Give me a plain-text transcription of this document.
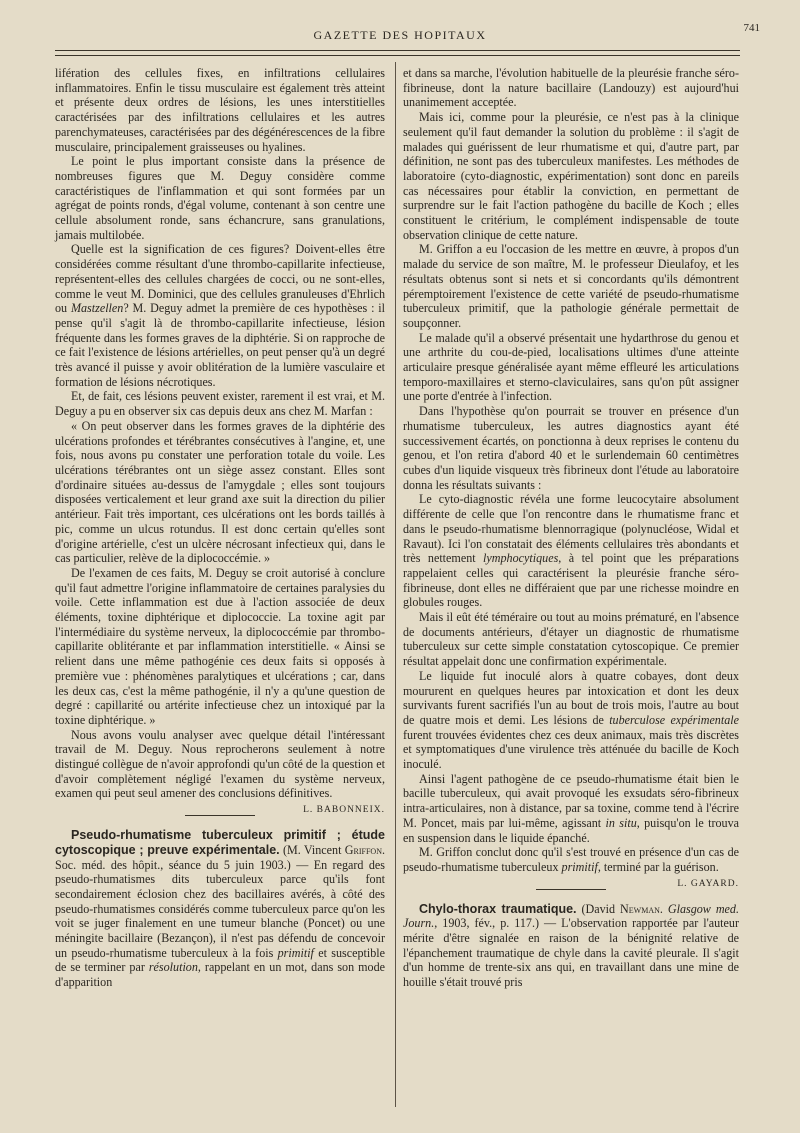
GAZETTE DES HOPITAUX	741

lifération des cellules fixes, en infiltrations cellulaires inflammatoires. Enfin le tissu musculaire est également très atteint et présente deux ordres de lésions, les unes interstitielles caractérisées par des infiltrations cellulaires et les autres parenchymateuses, caractérisées par des dégénérescences de la fibre musculaire, principalement graisseuses ou hyalines.

Le point le plus important consiste dans la présence de nombreuses figures que M. Deguy considère comme caractéristiques de l'inflammation et qui sont formées par un agrégat de points ronds, d'égal volume, contenant à son centre une cellule absolument ronde, sans échancrure, sans granulations, jamais multilobée.

Quelle est la signification de ces figures? Doivent-elles être considérées comme résultant d'une thrombo-capillarite infectieuse, représentent-elles des cellules chargées de cocci, ou ne sont-elles, comme le veut M. Dominici, que des cellules granuleuses d'Ehrlich ou Mastzellen? M. Deguy admet la première de ces hypothèses : il pense qu'il s'agit là de thrombo-capillarite infectieuse, lésion fréquente dans les formes graves de la diphtérie. Si on rapproche de ce fait l'existence de lésions artérielles, on peut penser qu'à un degré très avancé il puisse y avoir oblitération de la lumière vasculaire et formation de lésions nécrotiques.

Et, de fait, ces lésions peuvent exister, rarement il est vrai, et M. Deguy a pu en observer six cas depuis deux ans chez M. Marfan :

« On peut observer dans les formes graves de la diphtérie des ulcérations profondes et térébrantes consécutives à l'angine, et, une fois, nous avons pu constater une perforation totale du voile. Les ulcérations térébrantes ont un siège assez constant. Elles sont d'ordinaire situées au-dessus de l'amygdale ; elles sont toujours disposées verticalement et leur grand axe suit la direction du pilier antérieur. Fait très important, ces ulcérations ont les bords taillés à pic, comme un ulcus rotundus. Il est donc certain qu'elles sont d'origine artérielle, c'est un ulcère nécrosant infectieux qui, dans le cas particulier, relève de la diplococcémie. »

De l'examen de ces faits, M. Deguy se croit autorisé à conclure qu'il faut admettre l'origine inflammatoire de certaines paralysies du voile. Cette inflammation est due à l'action associée de deux éléments, toxine diphtérique et diplococcie. La toxine agit par l'intermédiaire du système nerveux, la diplococcémie par thrombo-capillarite oblitérante et par inflammation interstitielle. « Ainsi se relient dans une même pathogénie ces deux faits si opposés à première vue : phénomènes paralytiques et ulcérations ; car, dans les deux cas, c'est la même pathogénie, il n'y a qu'une question de degré : capillarité ou artérite infectieuse chez un intoxiqué par la toxine diphtérique. »

Nous avons voulu analyser avec quelque détail l'intéressant travail de M. Deguy. Nous reprocherons seulement à notre distingué collègue de n'avoir approfondi qu'un côté de la question et d'avoir complètement négligé l'examen du système nerveux, examen qui peut seul amener des conclusions définitives.
L. BABONNEIX.

Pseudo-rhumatisme tuberculeux primitif ; étude cytoscopique ; preuve expérimentale. (M. Vincent Griffon. Soc. méd. des hôpit., séance du 5 juin 1903.) — En regard des pseudo-rhumatismes dits tuberculeux parce qu'ils font secondairement éclosion chez des bacillaires avérés, à côté des pseudo-rhumatismes considérés comme tuberculeux parce qu'on les voit se juger finalement en une tumeur blanche (Poncet) ou une méningite bacillaire (Bezançon), il n'est pas défendu de concevoir un pseudo-rhumatisme tuberculeux à la fois primitif et susceptible de se terminer par résolution, rappelant en un mot, dans son mode d'apparition

et dans sa marche, l'évolution habituelle de la pleurésie franche séro-fibrineuse, dont la nature bacillaire (Landouzy) est aujourd'hui unanimement acceptée.

Mais ici, comme pour la pleurésie, ce n'est pas à la clinique seulement qu'il faut demander la solution du problème : il s'agit de malades qui guérissent de leur rhumatisme et qui, d'autre part, par définition, ne sont pas des tuberculeux manifestes. Les méthodes de laboratoire (cyto-diagnostic, expérimentation) sont donc en pareils cas nécessaires pour établir la conviction, en permettant de surprendre sur le fait l'action pathogène du bacille de Koch ; elles constituent le critérium, le complément indispensable de toute observation clinique de cette nature.

M. Griffon a eu l'occasion de les mettre en œuvre, à propos d'un malade du service de son maître, M. le professeur Dieulafoy, et les résultats obtenus sont si nets et si concordants qu'ils démontrent péremptoirement l'existence de cette variété de pseudo-rhumatisme tuberculeux primitif, que la pathologie générale permettait de soupçonner.

Le malade qu'il a observé présentait une hydarthrose du genou et une arthrite du cou-de-pied, localisations ultimes d'une atteinte articulaire presque généralisée ayant même effleuré les articulations temporo-maxillaires et sterno-claviculaires, sans qu'on pût assigner une porte d'entrée à l'infection.

Dans l'hypothèse qu'on pourrait se trouver en présence d'un rhumatisme tuberculeux, les autres diagnostics ayant été successivement écartés, on ponctionna à deux reprises le contenu du genou, et l'on retira d'abord 40 et le surlendemain 60 centimètres cubes d'un liquide visqueux très fibrineux dont l'étude au laboratoire donna les résultats suivants :

Le cyto-diagnostic révéla une forme leucocytaire absolument différente de celle que l'on rencontre dans le rhumatisme franc et dans le pseudo-rhumatisme blennorragique (polynucléose, Widal et Ravaut). Ici l'on constatait des éléments cellulaires très abondants et très nettement lymphocytiques, à tel point que les préparations rappelaient celles qui caractérisent la pleurésie franche séro-fibrineuse, dont elles ne différaient que par une richesse moindre en globules rouges.

Mais il eût été téméraire ou tout au moins prématuré, en l'absence de documents antérieurs, d'étayer un diagnostic de rhumatisme tuberculeux sur cette simple constatation cytoscopique. Ce premier résultat appelait donc une confirmation expérimentale.

Le liquide fut inoculé alors à quatre cobayes, dont deux moururent en quelques heures par intoxication et dont les deux survivants furent sacrifiés l'un au bout de trois mois, l'autre au bout de quatre mois et demi. Les lésions de tuberculose expérimentale furent trouvées évidentes chez ces deux animaux, mais très discrètes et symptomatiques d'une virulence très atténuée du bacille de Koch inoculé.

Ainsi l'agent pathogène de ce pseudo-rhumatisme était bien le bacille tuberculeux, qui avait provoqué les exsudats séro-fibrineux intra-articulaires, non à distance, par sa toxine, comme tend à l'écrire M. Poncet, mais par lui-même, agissant in situ, puisqu'on le trouva en suspension dans le liquide épanché.

M. Griffon conclut donc qu'il s'est trouvé en présence d'un cas de pseudo-rhumatisme tuberculeux primitif, terminé par la guérison.
L. GAYARD.

Chylo-thorax traumatique. (David Newman. Glasgow med. Journ., 1903, fév., p. 117.) — L'observation rapportée par l'auteur mérite d'être signalée en raison de la bénignité relative de l'épanchement traumatique de chyle dans la cavité pleurale. Il s'agit d'un homme de trente-six ans qui, en travaillant dans une mine de houille s'était trouvé pris
